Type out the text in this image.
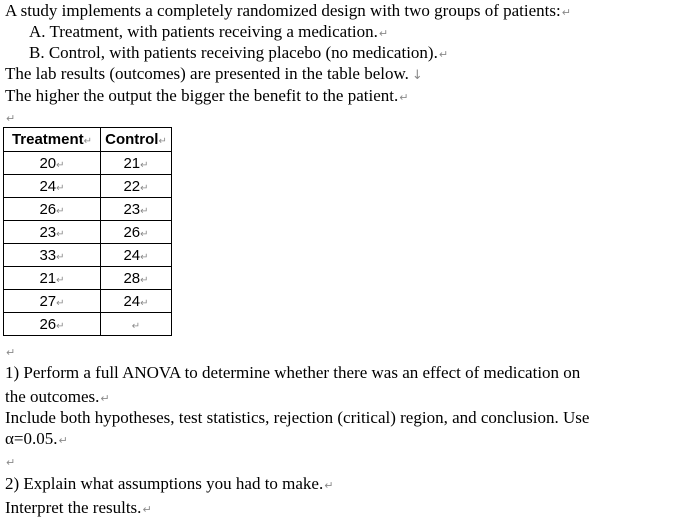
A study implements a completely randomized design with two groups of patients:↵
A. Treatment, with patients receiving a medication.↵
B. Control, with patients receiving placebo (no medication).↵
The lab results (outcomes) are presented in the table below. ↓
The higher the output the bigger the benefit to the patient.↵
↵
Treatment↵	Control↵
20↵	21↵
24↵	22↵
26↵	23↵
23↵	26↵
33↵	24↵
21↵	28↵
27↵	24↵
26↵	↵
↵
1) Perform a full ANOVA to determine whether there was an effect of medication on
the outcomes.↵
Include both hypotheses, test statistics, rejection (critical) region, and conclusion. Use
α=0.05.↵
↵
2) Explain what assumptions you had to make.↵
Interpret the results.↵
